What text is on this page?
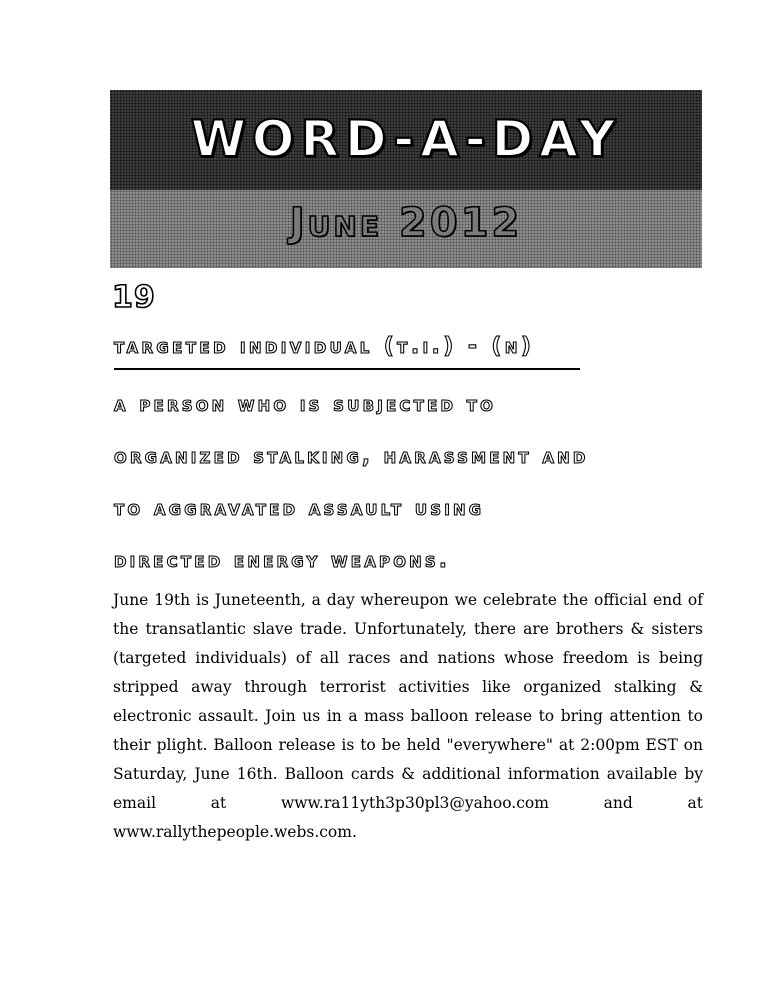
WORD-A-DAY
June 2012
19
targeted individual (t.i.) - (n)
a person who is subjected to
organized stalking, harassment and
to aggravated assault using
directed energy weapons.
June 19th is Juneteenth, a day whereupon we celebrate the official end of the transatlantic slave trade. Unfortunately, there are brothers & sisters (targeted individuals) of all races and nations whose freedom is being stripped away through terrorist activities like organized stalking & electronic assault. Join us in a mass balloon release to bring attention to their plight. Balloon release is to be held "everywhere" at 2:00pm EST on Saturday, June 16th. Balloon cards & additional information available by email at www.ra11yth3p30pl3@yahoo.com and at www.rallythepeople.webs.com.
